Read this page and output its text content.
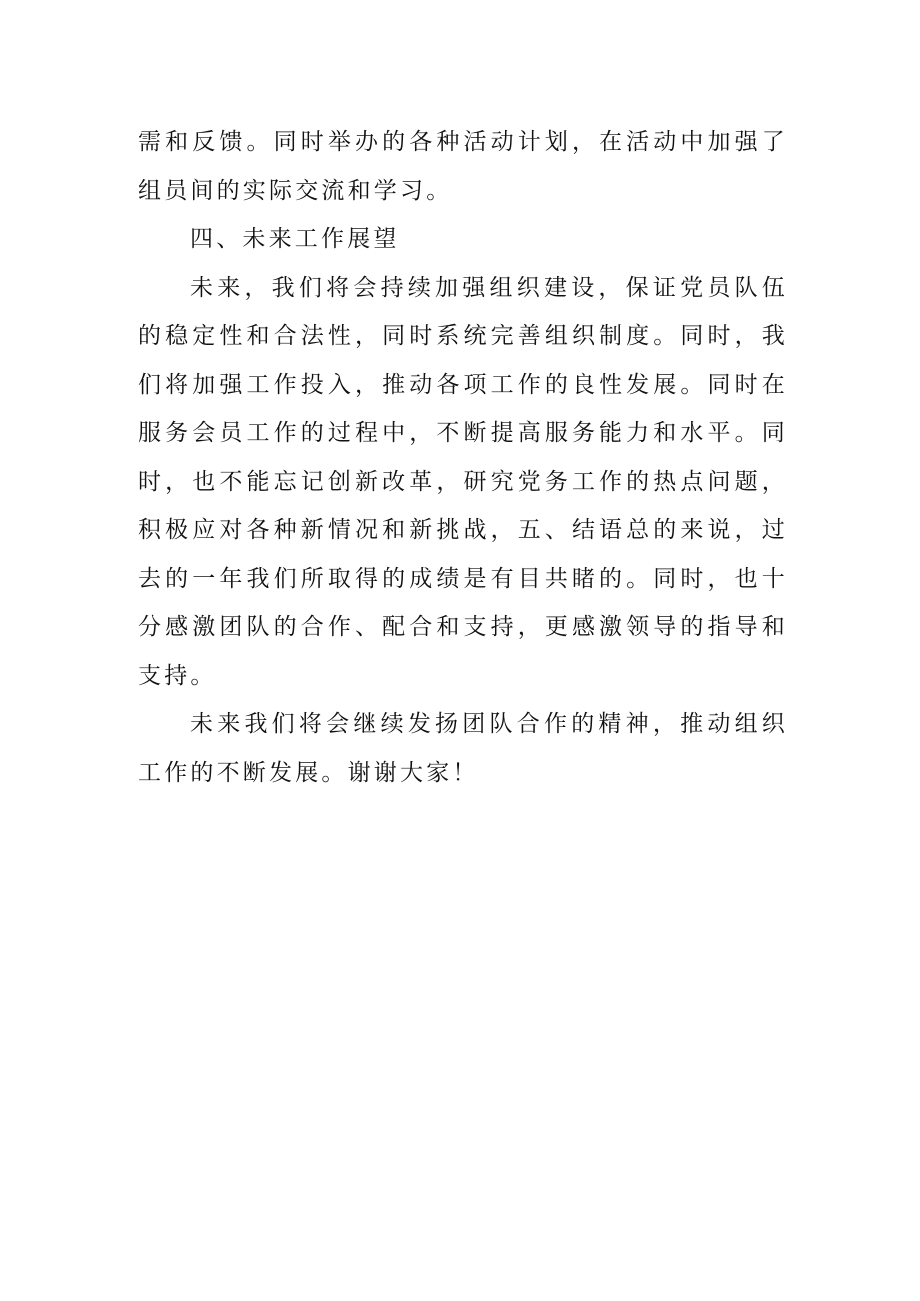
需和反馈。同时举办的各种活动计划，在活动中加强了组员间的实际交流和学习。

四、未来工作展望

未来，我们将会持续加强组织建设，保证党员队伍的稳定性和合法性，同时系统完善组织制度。同时，我们将加强工作投入，推动各项工作的良性发展。同时在服务会员工作的过程中，不断提高服务能力和水平。同时，也不能忘记创新改革，研究党务工作的热点问题，积极应对各种新情况和新挑战，五、结语总的来说，过去的一年我们所取得的成绩是有目共睹的。同时，也十分感激团队的合作、配合和支持，更感激领导的指导和支持。

未来我们将会继续发扬团队合作的精神，推动组织工作的不断发展。谢谢大家！
